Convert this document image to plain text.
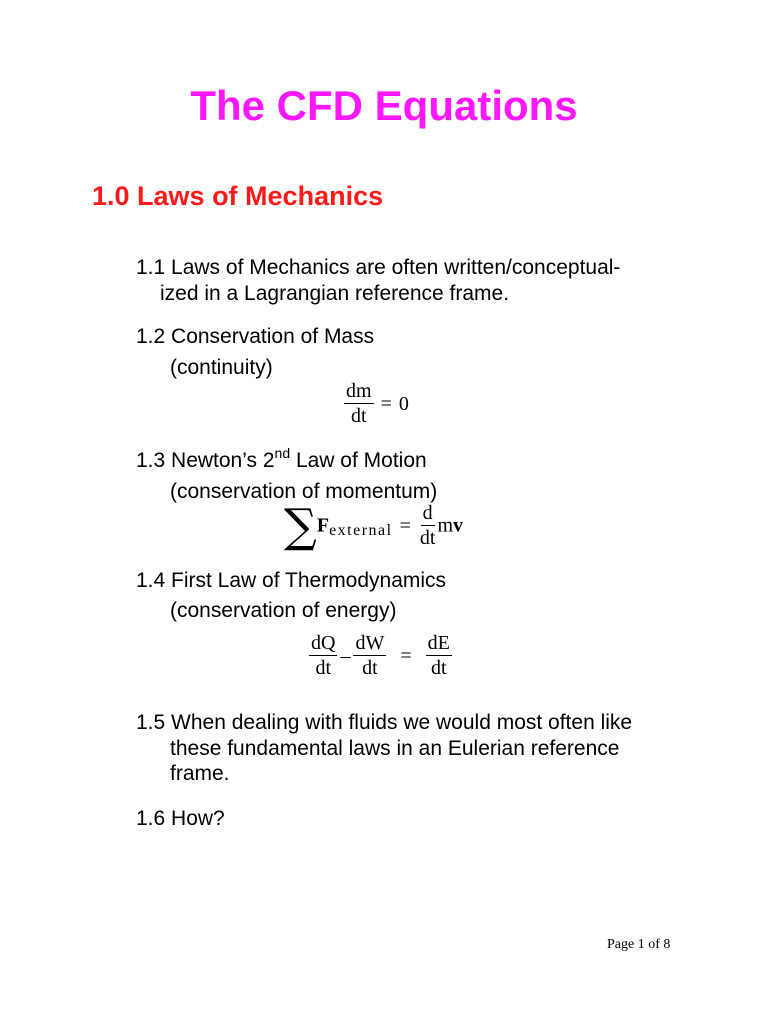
The CFD Equations
1.0 Laws of Mechanics
1.1 Laws of Mechanics are often written/conceptual-
ized in a Lagrangian reference frame.
1.2 Conservation of Mass
(continuity)
$\frac{dm}{dt} = 0$
1.3 Newton’s 2nd Law of Motion
(conservation of momentum)
$\sum F_{external} = \frac{d}{dt}$ mv
1.4 First Law of Thermodynamics
(conservation of energy)
$\frac{dQ}{dt} - \frac{dW}{dt} = \frac{dE}{dt}$
1.5 When dealing with fluids we would most often like
these fundamental laws in an Eulerian reference
frame.
1.6 How?
Page 1 of 8
